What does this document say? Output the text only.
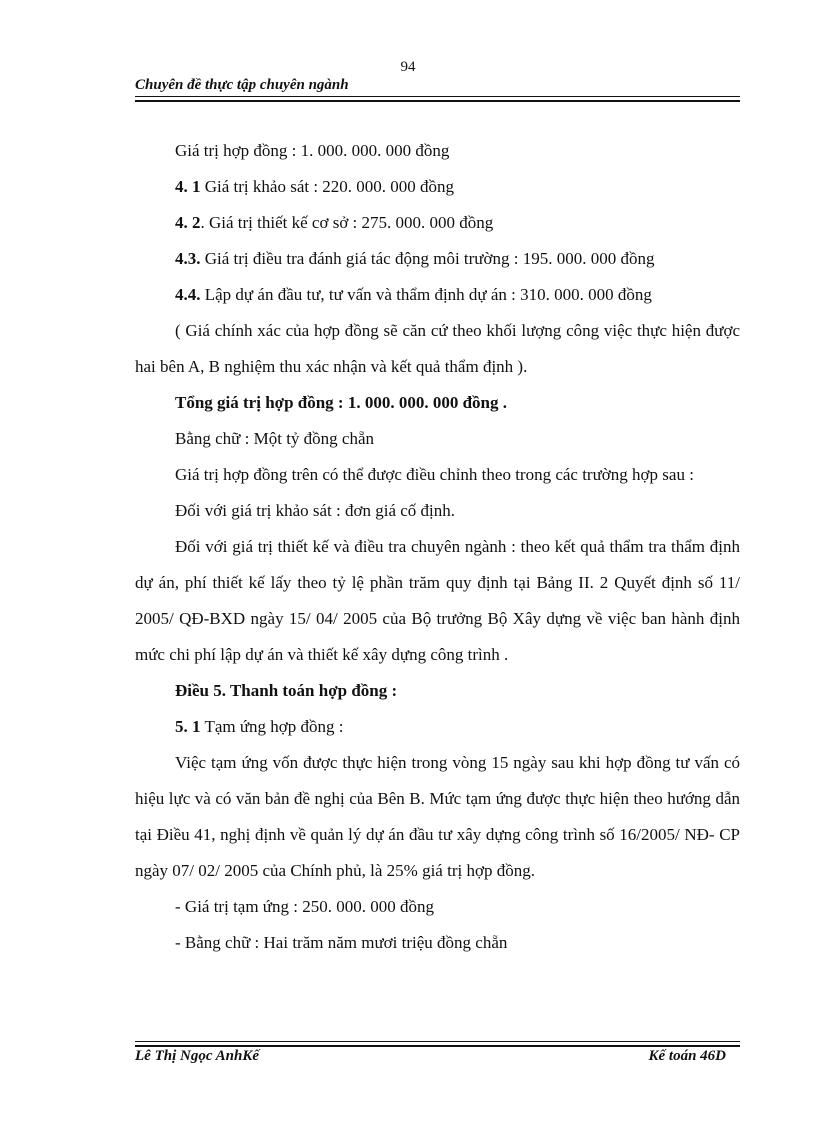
94
Chuyên đề thực tập chuyên ngành

Giá trị hợp đồng : 1. 000. 000. 000 đồng

4. 1 Giá trị khảo sát : 220. 000. 000 đồng

4. 2. Giá trị thiết kế cơ sở : 275. 000. 000 đồng

4.3. Giá trị điều tra đánh giá tác động môi trường : 195. 000. 000 đồng

4.4. Lập dự án đầu tư, tư vấn và thẩm định dự án : 310. 000. 000 đồng

( Giá chính xác của hợp đồng sẽ căn cứ theo khối lượng công việc thực hiện được hai bên A, B nghiệm thu xác nhận và kết quả thẩm định ).

Tổng giá trị hợp đồng : 1. 000. 000. 000 đồng .

Bằng chữ : Một tỷ đồng chẵn

Giá trị hợp đồng trên có thể được điều chỉnh theo trong các trường hợp sau :

Đối với giá trị khảo sát : đơn giá cố định.

Đối với giá trị thiết kế và điều tra chuyên ngành : theo kết quả thẩm tra thẩm định dự án, phí thiết kế lấy theo tỷ lệ phần trăm quy định tại Bảng II. 2 Quyết định số 11/ 2005/ QĐ-BXD ngày 15/ 04/ 2005 của Bộ trưởng Bộ Xây dựng về việc ban hành định mức chi phí lập dự án và thiết kế xây dựng công trình .

Điều 5. Thanh toán hợp đồng :

5. 1 Tạm ứng hợp đồng :

Việc tạm ứng vốn được thực hiện trong vòng 15 ngày sau khi hợp đồng tư vấn có hiệu lực và có văn bản đề nghị của Bên B. Mức tạm ứng được thực hiện theo hướng dẫn tại Điều 41, nghị định về quản lý dự án đầu tư xây dựng công trình số 16/2005/ NĐ- CP ngày 07/ 02/ 2005 của Chính phủ, là 25% giá trị hợp đồng.

- Giá trị tạm ứng : 250. 000. 000 đồng

- Bằng chữ : Hai trăm năm mươi triệu đồng chẵn

Lê Thị Ngọc AnhKế	Kế toán 46D
